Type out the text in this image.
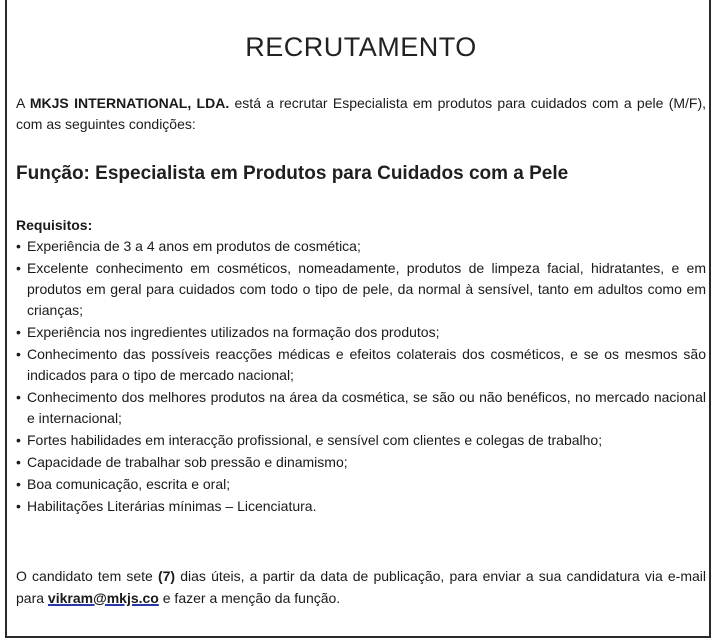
RECRUTAMENTO
A MKJS INTERNATIONAL, LDA. está a recrutar Especialista em produtos para cuidados com a pele (M/F), com as seguintes condições:
Função: Especialista em Produtos para Cuidados com a Pele
Requisitos:
• Experiência de 3 a 4 anos em produtos de cosmética;
• Excelente conhecimento em cosméticos, nomeadamente, produtos de limpeza facial, hidratantes, e em produtos em geral para cuidados com todo o tipo de pele, da normal à sensível, tanto em adultos como em crianças;
• Experiência nos ingredientes utilizados na formação dos produtos;
• Conhecimento das possíveis reacções médicas e efeitos colaterais dos cosméticos, e se os mesmos são indicados para o tipo de mercado nacional;
• Conhecimento dos melhores produtos na área da cosmética, se são ou não benéficos, no mercado nacional e internacional;
• Fortes habilidades em interacção profissional, e sensível com clientes e colegas de trabalho;
• Capacidade de trabalhar sob pressão e dinamismo;
• Boa comunicação, escrita e oral;
• Habilitações Literárias mínimas – Licenciatura.
O candidato tem sete (7) dias úteis, a partir da data de publicação, para enviar a sua candidatura via e-mail para vikram@mkjs.co e fazer a menção da função.
